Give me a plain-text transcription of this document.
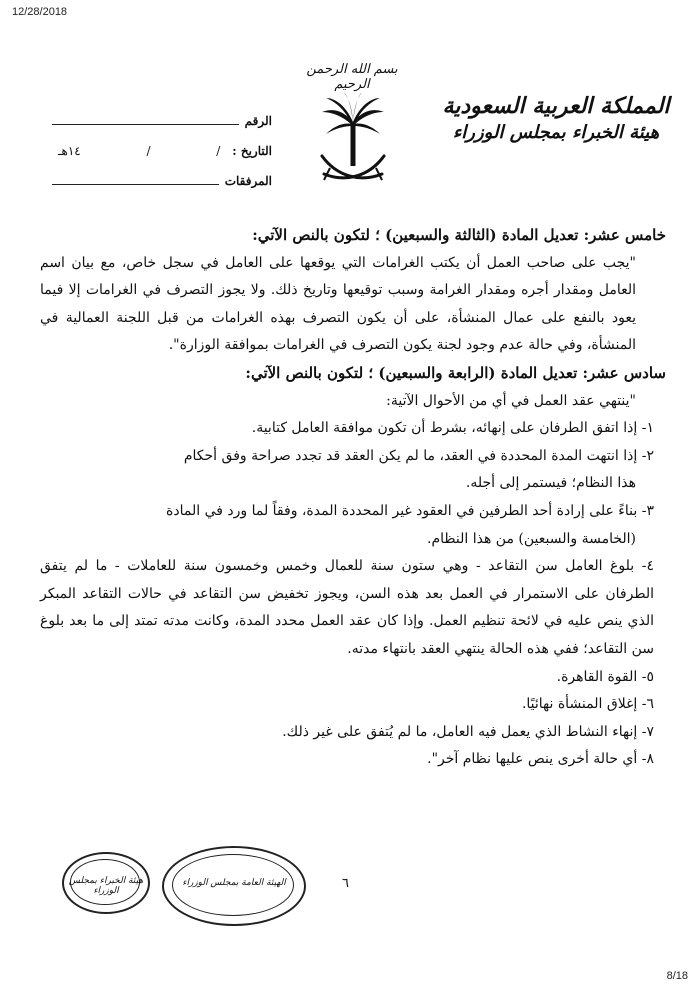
12/28/2018
بسم الله الرحمن الرحيم
المملكة العربية السعودية
هيئة الخبراء بمجلس الوزراء
الرقم
التاريخ :
/
/
١٤هـ
المرفقات

خامس عشر: تعديل المادة (الثالثة والسبعين) ؛ لتكون بالنص الآتي:

"يجب على صاحب العمل أن يكتب الغرامات التي يوقعها على العامل في سجل خاص، مع بيان اسم العامل ومقدار أجره ومقدار الغرامة وسبب توقيعها وتاريخ ذلك. ولا يجوز التصرف في الغرامات إلا فيما يعود بالنفع على عمال المنشأة، على أن يكون التصرف بهذه الغرامات من قبل اللجنة العمالية في المنشأة، وفي حالة عدم وجود لجنة يكون التصرف في الغرامات بموافقة الوزارة".

سادس عشر: تعديل المادة (الرابعة والسبعين) ؛ لتكون بالنص الآتي:

"ينتهي عقد العمل في أي من الأحوال الآتية:

١- إذا اتفق الطرفان على إنهائه، بشرط أن تكون موافقة العامل كتابية.

٢- إذا انتهت المدة المحددة في العقد، ما لم يكن العقد قد تجدد صراحة وفق أحكام

هذا النظام؛ فيستمر إلى أجله.

٣- بناءً على إرادة أحد الطرفين في العقود غير المحددة المدة، وفقاً لما ورد في المادة

(الخامسة والسبعين) من هذا النظام.

٤- بلوغ العامل سن التقاعد - وهي ستون سنة للعمال وخمس وخمسون سنة للعاملات - ما لم يتفق الطرفان على الاستمرار في العمل بعد هذه السن، ويجوز تخفيض سن التقاعد في حالات التقاعد المبكر الذي ينص عليه في لائحة تنظيم العمل. وإذا كان عقد العمل محدد المدة، وكانت مدته تمتد إلى ما بعد بلوغ سن التقاعد؛ ففي هذه الحالة ينتهي العقد بانتهاء مدته.

٥- القوة القاهرة.

٦- إغلاق المنشأة نهائيًا.

٧- إنهاء النشاط الذي يعمل فيه العامل، ما لم يُتفق على غير ذلك.

٨- أي حالة أخرى ينص عليها نظام آخر".

٦
هيئة الخبراء بمجلس الوزراء
الهيئة العامة بمجلس الوزراء
8/18
